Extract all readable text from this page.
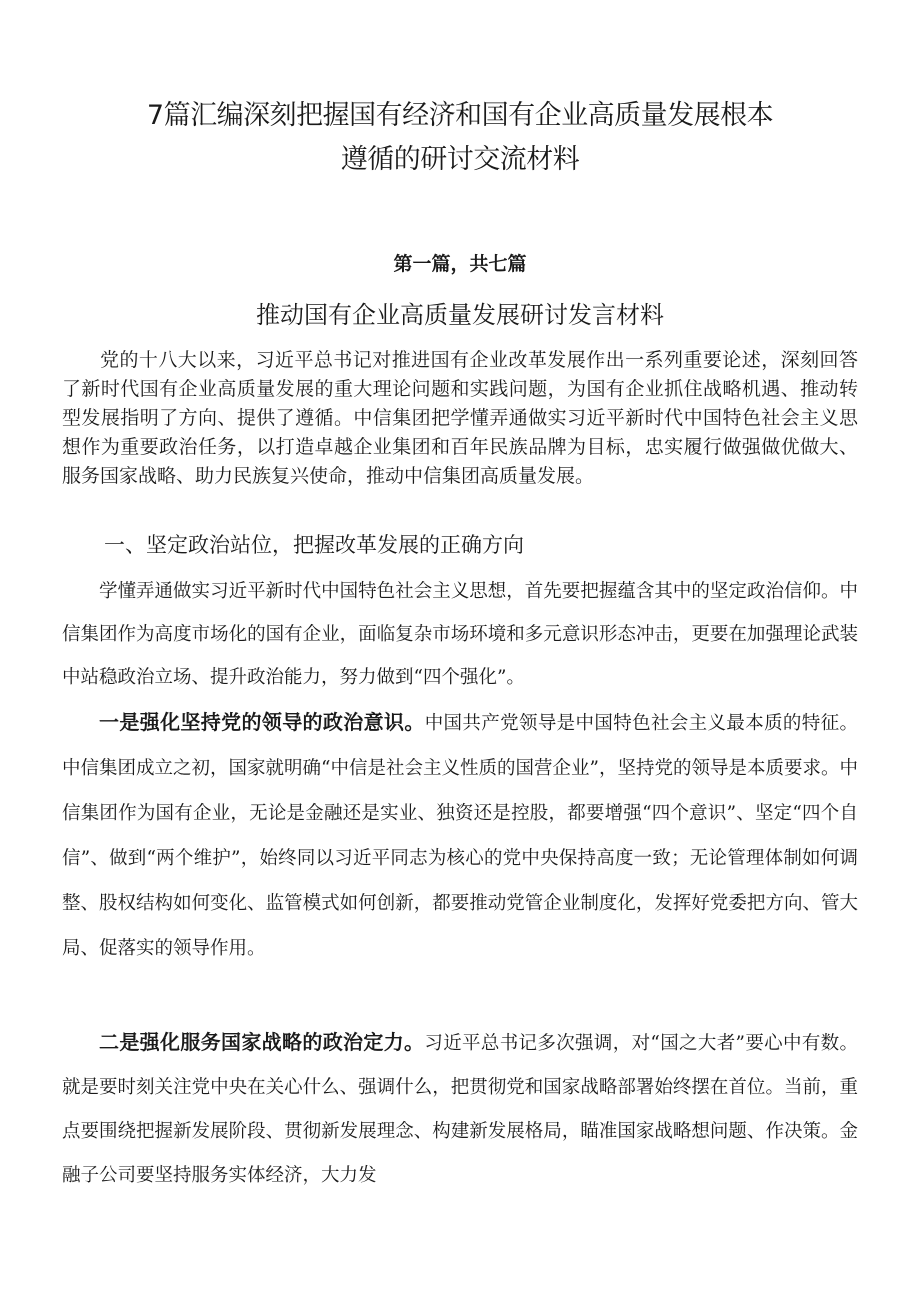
7篇汇编深刻把握国有经济和国有企业高质量发展根本
遵循的研讨交流材料
第一篇，共七篇
推动国有企业高质量发展研讨发言材料

党的十八大以来，习近平总书记对推进国有企业改革发展作出一系列重要论述，深刻回答了新时代国有企业高质量发展的重大理论问题和实践问题，为国有企业抓住战略机遇、推动转型发展指明了方向、提供了遵循。中信集团把学懂弄通做实习近平新时代中国特色社会主义思想作为重要政治任务，以打造卓越企业集团和百年民族品牌为目标，忠实履行做强做优做大、服务国家战略、助力民族复兴使命，推动中信集团高质量发展。

一、坚定政治站位，把握改革发展的正确方向

学懂弄通做实习近平新时代中国特色社会主义思想，首先要把握蕴含其中的坚定政治信仰。中信集团作为高度市场化的国有企业，面临复杂市场环境和多元意识形态冲击，更要在加强理论武装中站稳政治立场、提升政治能力，努力做到“四个强化”。

一是强化坚持党的领导的政治意识。中国共产党领导是中国特色社会主义最本质的特征。中信集团成立之初，国家就明确“中信是社会主义性质的国营企业”，坚持党的领导是本质要求。中信集团作为国有企业，无论是金融还是实业、独资还是控股，都要增强“四个意识”、坚定“四个自信”、做到“两个维护”，始终同以习近平同志为核心的党中央保持高度一致；无论管理体制如何调整、股权结构如何变化、监管模式如何创新，都要推动党管企业制度化，发挥好党委把方向、管大局、促落实的领导作用。

二是强化服务国家战略的政治定力。习近平总书记多次强调，对“国之大者”要心中有数。就是要时刻关注党中央在关心什么、强调什么，把贯彻党和国家战略部署始终摆在首位。当前，重点要围绕把握新发展阶段、贯彻新发展理念、构建新发展格局，瞄准国家战略想问题、作决策。金融子公司要坚持服务实体经济，大力发
